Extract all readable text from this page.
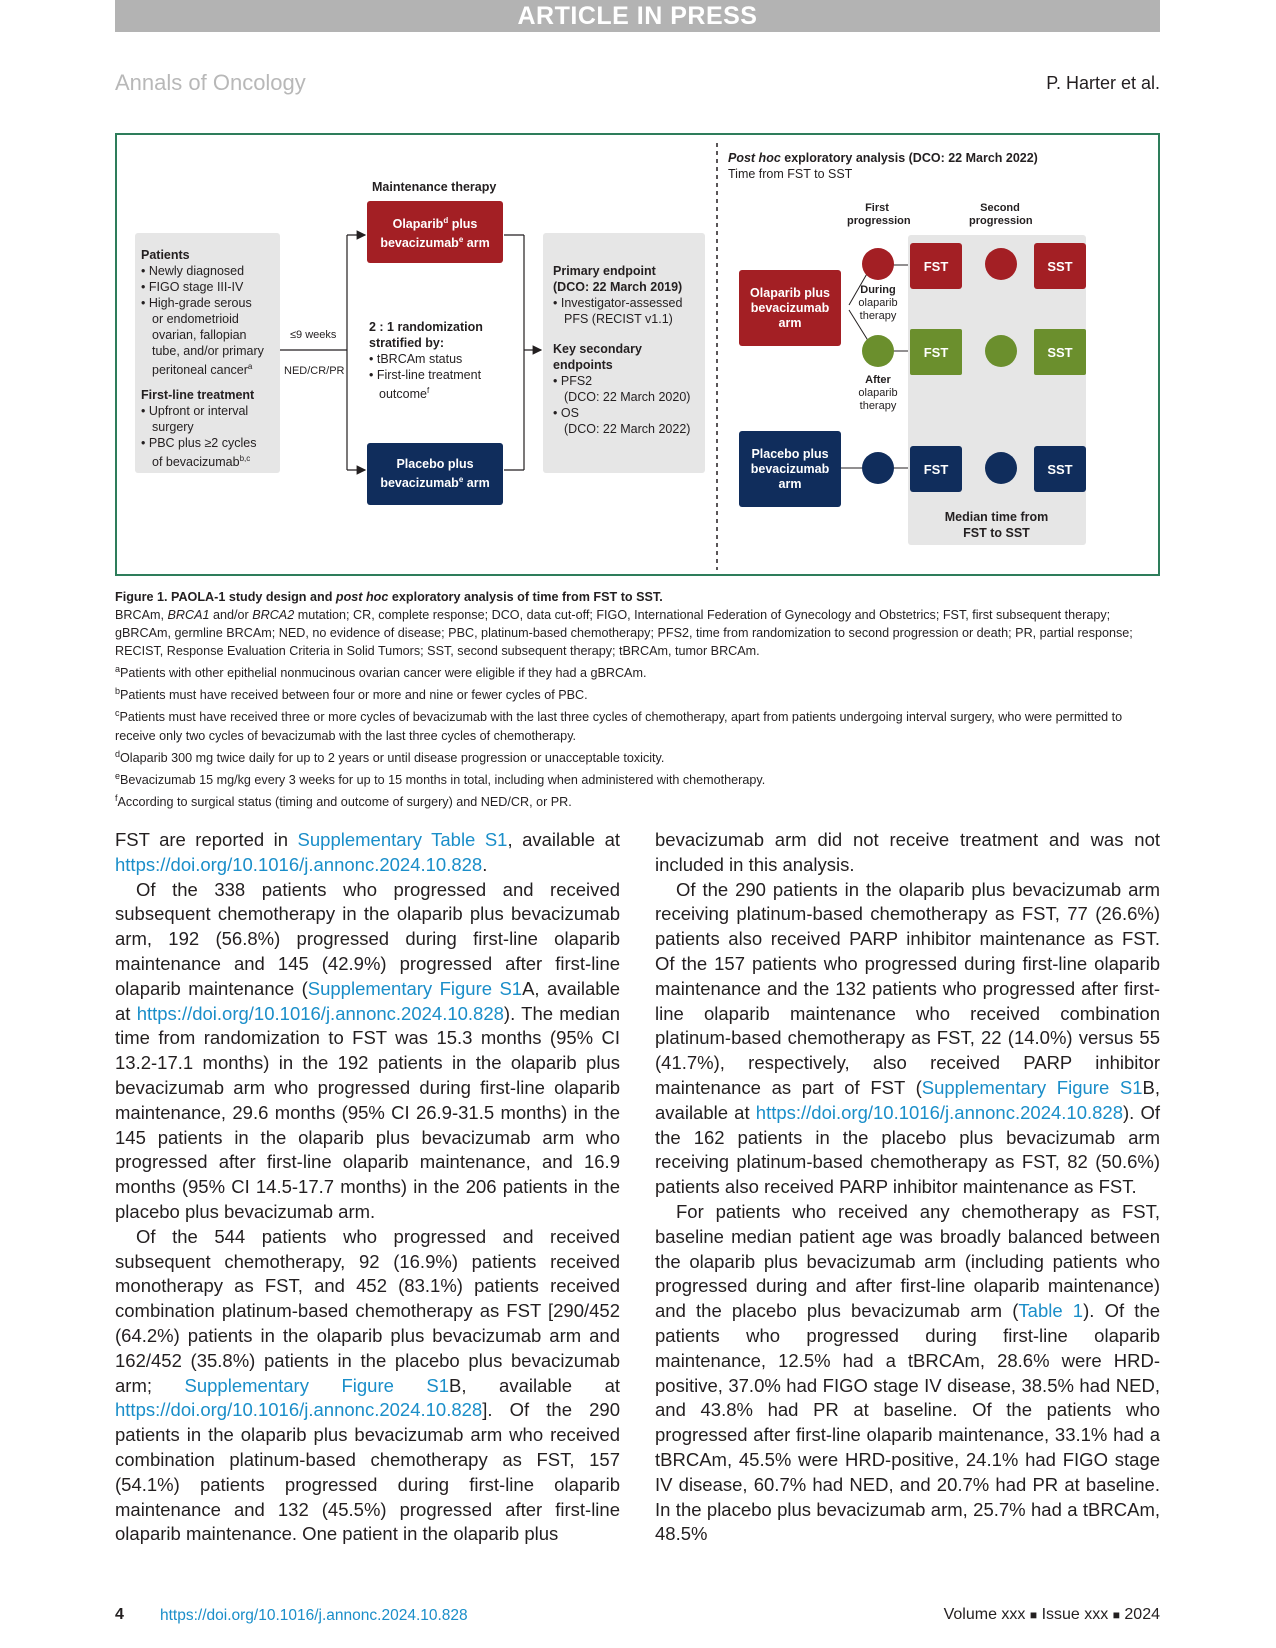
ARTICLE IN PRESS
Annals of Oncology	P. Harter et al.
Patients
• Newly diagnosed
• FIGO stage III-IV
• High-grade serous
or endometrioid
ovarian, fallopian
tube, and/or primary
peritoneal cancer$^a$
First-line treatment
• Upfront or interval
surgery
• PBC plus ≥2 cycles
of bevacizumab$^{b,c}$
≤9 weeks
NED/CR/PR
Maintenance therapy
Olaparib$^d$ plus
bevacizumab$^e$ arm
2 : 1 randomization
stratified by:
• tBRCAm status
• First-line treatment
outcome$^f$
Placebo plus
bevacizumab$^e$ arm
Primary endpoint
(DCO: 22 March 2019)
• Investigator-assessed
PFS (RECIST v1.1)
Key secondary
endpoints
• PFS2
(DCO: 22 March 2020)
• OS
(DCO: 22 March 2022)
Post hoc exploratory analysis (DCO: 22 March 2022)
Time from FST to SST
First
progression
Second
progression
Olaparib plus
bevacizumab
arm
Placebo plus
bevacizumab
arm
During
olaparib
therapy
After
olaparib
therapy
FST
FST
FST
SST
SST
SST
Median time from
FST to SST

Figure 1. PAOLA-1 study design and post hoc exploratory analysis of time from FST to SST.

BRCAm, BRCA1 and/or BRCA2 mutation; CR, complete response; DCO, data cut-off; FIGO, International Federation of Gynecology and Obstetrics; FST, first subsequent therapy; gBRCAm, germline BRCAm; NED, no evidence of disease; PBC, platinum-based chemotherapy; PFS2, time from randomization to second progression or death; PR, partial response; RECIST, Response Evaluation Criteria in Solid Tumors; SST, second subsequent therapy; tBRCAm, tumor BRCAm.

$^a$Patients with other epithelial nonmucinous ovarian cancer were eligible if they had a gBRCAm.

$^b$Patients must have received between four or more and nine or fewer cycles of PBC.

$^c$Patients must have received three or more cycles of bevacizumab with the last three cycles of chemotherapy, apart from patients undergoing interval surgery, who were permitted to receive only two cycles of bevacizumab with the last three cycles of chemotherapy.

$^d$Olaparib 300 mg twice daily for up to 2 years or until disease progression or unacceptable toxicity.

$^e$Bevacizumab 15 mg/kg every 3 weeks for up to 15 months in total, including when administered with chemotherapy.

$^f$According to surgical status (timing and outcome of surgery) and NED/CR, or PR.

FST are reported in Supplementary Table S1, available at https://doi.org/10.1016/j.annonc.2024.10.828.

Of the 338 patients who progressed and received subsequent chemotherapy in the olaparib plus bevacizumab arm, 192 (56.8%) progressed during first-line olaparib maintenance and 145 (42.9%) progressed after first-line olaparib maintenance (Supplementary Figure S1A, available at https://doi.org/10.1016/j.annonc.2024.10.828). The median time from randomization to FST was 15.3 months (95% CI 13.2-17.1 months) in the 192 patients in the olaparib plus bevacizumab arm who progressed during first-line olaparib maintenance, 29.6 months (95% CI 26.9-31.5 months) in the 145 patients in the olaparib plus bevacizumab arm who progressed after first-line olaparib maintenance, and 16.9 months (95% CI 14.5-17.7 months) in the 206 patients in the placebo plus bevacizumab arm.

Of the 544 patients who progressed and received subsequent chemotherapy, 92 (16.9%) patients received monotherapy as FST, and 452 (83.1%) patients received combination platinum-based chemotherapy as FST [290/452 (64.2%) patients in the olaparib plus bevacizumab arm and 162/452 (35.8%) patients in the placebo plus bevacizumab arm; Supplementary Figure S1B, available at https://doi.org/10.1016/j.annonc.2024.10.828]. Of the 290 patients in the olaparib plus bevacizumab arm who received combination platinum-based chemotherapy as FST, 157 (54.1%) patients progressed during first-line olaparib maintenance and 132 (45.5%) progressed after first-line olaparib maintenance. One patient in the olaparib plus

bevacizumab arm did not receive treatment and was not included in this analysis.

Of the 290 patients in the olaparib plus bevacizumab arm receiving platinum-based chemotherapy as FST, 77 (26.6%) patients also received PARP inhibitor maintenance as FST. Of the 157 patients who progressed during first-line olaparib maintenance and the 132 patients who progressed after first-line olaparib maintenance who received combination platinum-based chemotherapy as FST, 22 (14.0%) versus 55 (41.7%), respectively, also received PARP inhibitor maintenance as part of FST (Supplementary Figure S1B, available at https://doi.org/10.1016/j.annonc.2024.10.828). Of the 162 patients in the placebo plus bevacizumab arm receiving platinum-based chemotherapy as FST, 82 (50.6%) patients also received PARP inhibitor maintenance as FST.

For patients who received any chemotherapy as FST, baseline median patient age was broadly balanced between the olaparib plus bevacizumab arm (including patients who progressed during and after first-line olaparib maintenance) and the placebo plus bevacizumab arm (Table 1). Of the patients who progressed during first-line olaparib maintenance, 12.5% had a tBRCAm, 28.6% were HRD-positive, 37.0% had FIGO stage IV disease, 38.5% had NED, and 43.8% had PR at baseline. Of the patients who progressed after first-line olaparib maintenance, 33.1% had a tBRCAm, 45.5% were HRD-positive, 24.1% had FIGO stage IV disease, 60.7% had NED, and 20.7% had PR at baseline. In the placebo plus bevacizumab arm, 25.7% had a tBRCAm, 48.5%

4 https://doi.org/10.1016/j.annonc.2024.10.828	Volume xxx ■ Issue xxx ■ 2024
